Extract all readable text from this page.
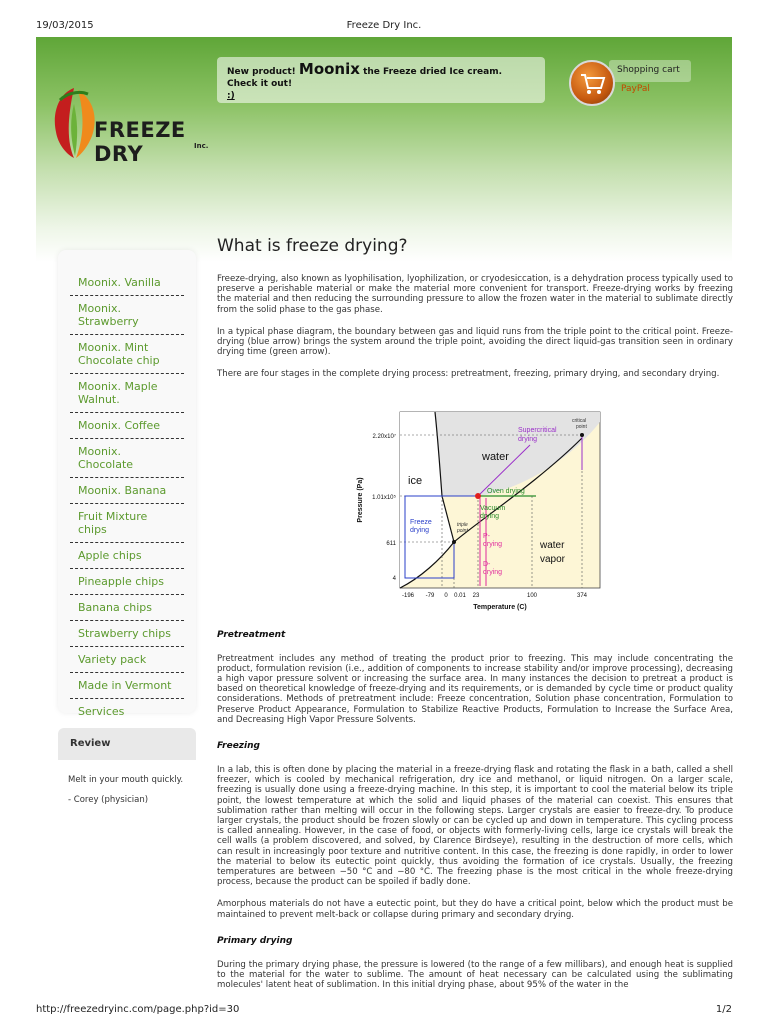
19/03/2015	Freeze Dry Inc.
FREEZE DRY	Inc.
New product! Moonix the Freeze dried Ice cream. Check it out!
:)
Shopping cart
PayPal
Moonix. Vanilla
Moonix. Strawberry
Moonix. Mint Chocolate chip
Moonix. Maple Walnut.
Moonix. Coffee
Moonix. Chocolate
Moonix. Banana
Fruit Mixture chips
Apple chips
Pineapple chips
Banana chips
Strawberry chips
Variety pack
Made in Vermont
Services
Review
Melt in your mouth quickly.
- Corey (physician)
What is freeze drying?

Freeze-drying, also known as lyophilisation, lyophilization, or cryodesiccation, is a dehydration process typically used to preserve a perishable material or make the material more convenient for transport. Freeze-drying works by freezing the material and then reducing the surrounding pressure to allow the frozen water in the material to sublimate directly from the solid phase to the gas phase.

In a typical phase diagram, the boundary between gas and liquid runs from the triple point to the critical point. Freeze-drying (blue arrow) brings the system around the triple point, avoiding the direct liquid-gas transition seen in ordinary drying time (green arrow).

There are four stages in the complete drying process: pretreatment, freezing, primary drying, and secondary drying.

Pretreatment

Pretreatment includes any method of treating the product prior to freezing. This may include concentrating the product, formulation revision (i.e., addition of components to increase stability and/or improve processing), decreasing a high vapor pressure solvent or increasing the surface area. In many instances the decision to pretreat a product is based on theoretical knowledge of freeze-drying and its requirements, or is demanded by cycle time or product quality considerations. Methods of pretreatment include: Freeze concentration, Solution phase concentration, Formulation to Preserve Product Appearance, Formulation to Stabilize Reactive Products, Formulation to Increase the Surface Area, and Decreasing High Vapor Pressure Solvents.

Freezing

In a lab, this is often done by placing the material in a freeze-drying flask and rotating the flask in a bath, called a shell freezer, which is cooled by mechanical refrigeration, dry ice and methanol, or liquid nitrogen. On a larger scale, freezing is usually done using a freeze-drying machine. In this step, it is important to cool the material below its triple point, the lowest temperature at which the solid and liquid phases of the material can coexist. This ensures that sublimation rather than melting will occur in the following steps. Larger crystals are easier to freeze-dry. To produce larger crystals, the product should be frozen slowly or can be cycled up and down in temperature. This cycling process is called annealing. However, in the case of food, or objects with formerly-living cells, large ice crystals will break the cell walls (a problem discovered, and solved, by Clarence Birdseye), resulting in the destruction of more cells, which can result in increasingly poor texture and nutritive content. In this case, the freezing is done rapidly, in order to lower the material to below its eutectic point quickly, thus avoiding the formation of ice crystals. Usually, the freezing temperatures are between −50 °C and −80 °C. The freezing phase is the most critical in the whole freeze-drying process, because the product can be spoiled if badly done.

Amorphous materials do not have a eutectic point, but they do have a critical point, below which the product must be maintained to prevent melt-back or collapse during primary and secondary drying.

Primary drying

During the primary drying phase, the pressure is lowered (to the range of a few millibars), and enough heat is supplied to the material for the water to sublime. The amount of heat necessary can be calculated using the sublimating molecules' latent heat of sublimation. In this initial drying phase, about 95% of the water in the

ice
water
water
vapor
Supercritical
drying
critical
point
Oven drying
Vacuum
drying
Freeze
drying
triple
point
P-
drying
D-
drying
2.20x10⁷
1.01x10⁵
611
4
-196 -79 0 0.01 23	100	374
Temperature (C)
Pressure (Pa)
http://freezedryinc.com/page.php?id=30	1/2
